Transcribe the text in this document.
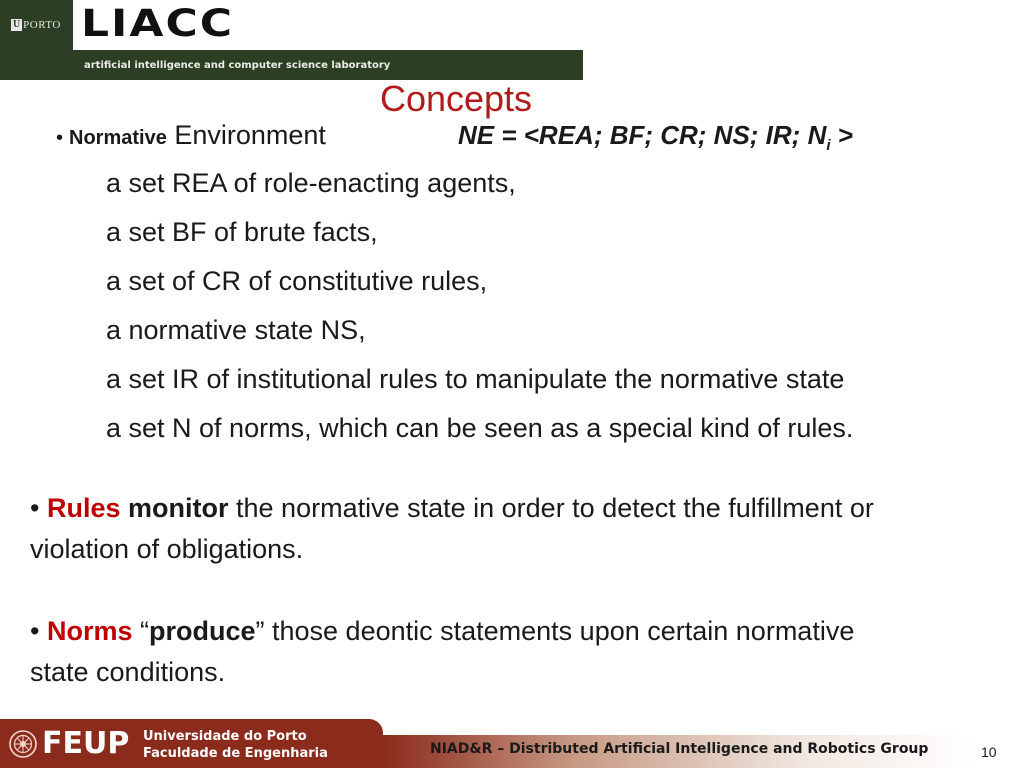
U PORTO LIACC
artificial intelligence and computer science laboratory
Concepts
• Normative Environment	NE = <REA; BF; CR; NS; IR; $N_i$ >
a set REA of role-enacting agents,
a set BF of brute facts,
a set of CR of constitutive rules,
a normative state NS,
a set IR of institutional rules to manipulate the normative state
a set N of norms, which can be seen as a special kind of rules.
• Rules monitor the normative state in order to detect the fulfillment or violation of obligations.
• Norms “produce” those deontic statements upon certain normative state conditions.
FEUP Universidade do Porto
Faculdade de Engenharia	NIAD&R – Distributed Artificial Intelligence and Robotics Group	10
